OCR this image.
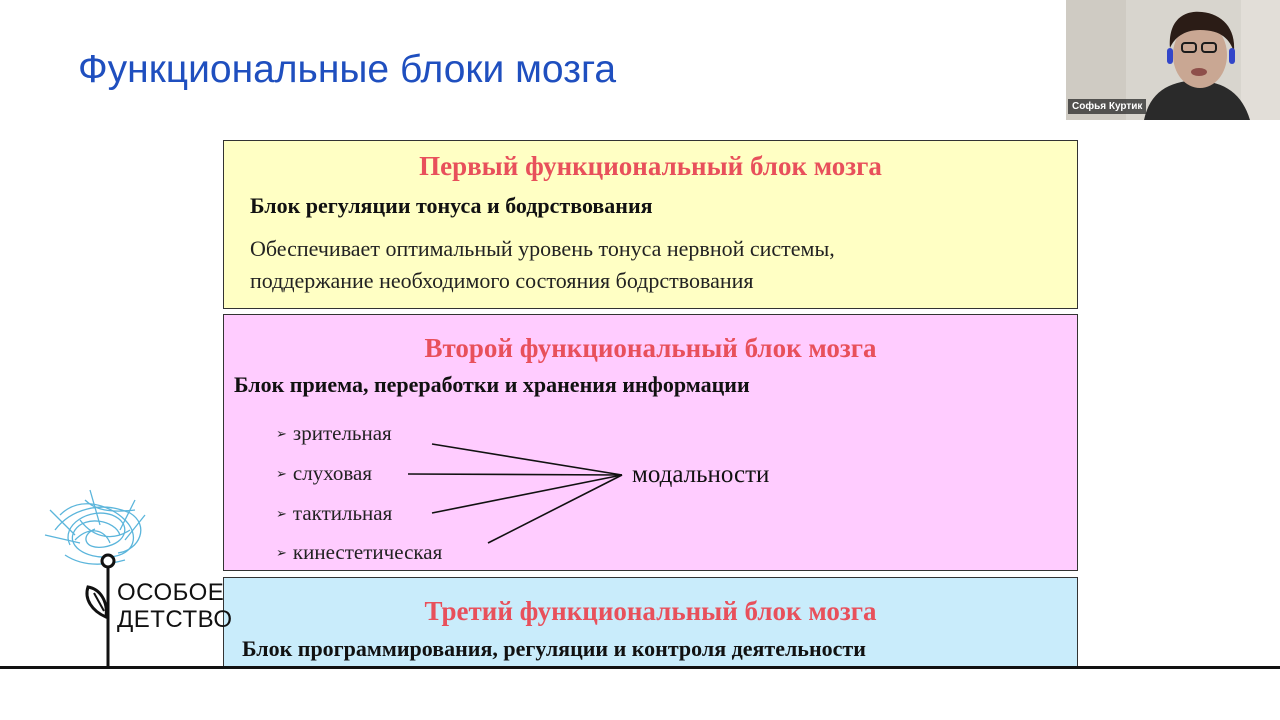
Функциональные блоки мозга
Первый функциональный блок мозга
Блок регуляции тонуса и бодрствования
Обеспечивает оптимальный уровень тонуса нервной системы,
поддержание необходимого состояния бодрствования
Второй функциональный блок мозга
Блок приема, переработки и хранения информации
➢ зрительная
➢ слуховая
➢ тактильная
➢ кинестетическая
модальности
Третий функциональный блок мозга
Блок программирования, регуляции и контроля деятельности
ОСОБОЕ
ДЕТСТВО
Софья Куртик
